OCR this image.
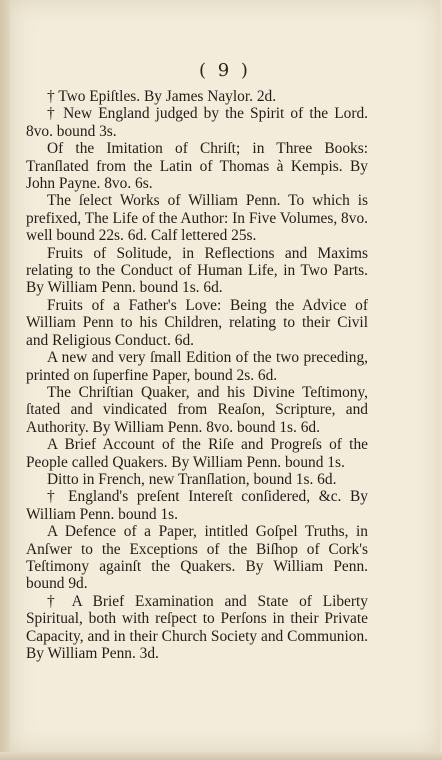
( 9 )

† Two Epiſtles. By James Naylor. 2d.

† New England judged by the Spirit of the Lord. 8vo. bound 3s.

Of the Imitation of Chriſt; in Three Books: Tranſlated from the Latin of Thomas à Kempis. By John Payne. 8vo. 6s.

The ſelect Works of William Penn. To which is prefixed, The Life of the Author: In Five Volumes, 8vo. well bound 22s. 6d. Calf lettered 25s.

Fruits of Solitude, in Reflections and Maxims relating to the Conduct of Human Life, in Two Parts. By William Penn. bound 1s. 6d.

Fruits of a Father's Love: Being the Advice of William Penn to his Children, relating to their Civil and Religious Conduct. 6d.

A new and very ſmall Edition of the two preceding, printed on ſuperfine Paper, bound 2s. 6d.

The Chriſtian Quaker, and his Divine Teſtimony, ſtated and vindicated from Reaſon, Scripture, and Authority. By William Penn. 8vo. bound 1s. 6d.

A Brief Account of the Riſe and Progreſs of the People called Quakers. By William Penn. bound 1s.

Ditto in French, new Tranſlation, bound 1s. 6d.

† England's preſent Intereſt conſidered, &c. By William Penn. bound 1s.

A Defence of a Paper, intitled Goſpel Truths, in Anſwer to the Exceptions of the Biſhop of Cork's Teſtimony againſt the Quakers. By William Penn. bound 9d.

† A Brief Examination and State of Liberty Spiritual, both with reſpect to Perſons in their Private Capacity, and in their Church Society and Communion. By William Penn. 3d.
